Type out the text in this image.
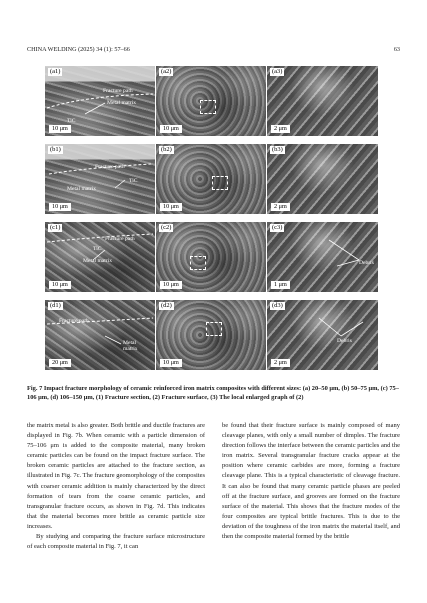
CHINA WELDING (2025) 34 (1): 57–66	63
(a1)
Fracture path
Metal matrix
TiC
10 μm
(a2)
10 μm
(a3)
2 μm
(b1)
Fracture path
TiC
Metal matrix
10 μm
(b2)
10 μm
(b3)
2 μm
(c1)
Fracture path
TiC
Metal matrix
10 μm
(c2)
10 μm
(c3)
Debris
1 μm
(d1)
Fracture path
Metal matrix
20 μm
(d2)
10 μm
(d3)
Debris
2 μm
Fig. 7 Impact fracture morphology of ceramic reinforced iron matrix composites with different sizes: (a) 20–50 μm, (b) 50–75 μm, (c) 75–106 μm, (d) 106–150 μm, (1) Fracture section, (2) Fracture surface, (3) The local enlarged graph of (2)

the matrix metal is also greater. Both brittle and ductile fractures are displayed in Fig. 7b. When ceramic with a particle dimension of 75–106 μm is added to the composite material, many broken ceramic particles can be found on the impact fracture surface. The broken ceramic particles are attached to the fracture section, as illustrated in Fig. 7c. The fracture geomorphology of the composites with coarser ceramic addition is mainly characterized by the direct formation of tears from the coarse ceramic particles, and transgranular fracture occurs, as shown in Fig. 7d. This indicates that the material becomes more brittle as ceramic particle size increases.

By studying and comparing the fracture surface microstructure of each composite material in Fig. 7, it can

be found that their fracture surface is mainly composed of many cleavage planes, with only a small number of dimples. The fracture direction follows the interface between the ceramic particles and the iron matrix. Several transgranular fracture cracks appear at the position where ceramic carbides are more, forming a fracture cleavage plane. This is a typical characteristic of cleavage fracture. It can also be found that many ceramic particle phases are peeled off at the fracture surface, and grooves are formed on the fracture surface of the material. This shows that the fracture modes of the four composites are typical brittle fractures. This is due to the deviation of the toughness of the iron matrix the material itself, and then the composite material formed by the brittle
